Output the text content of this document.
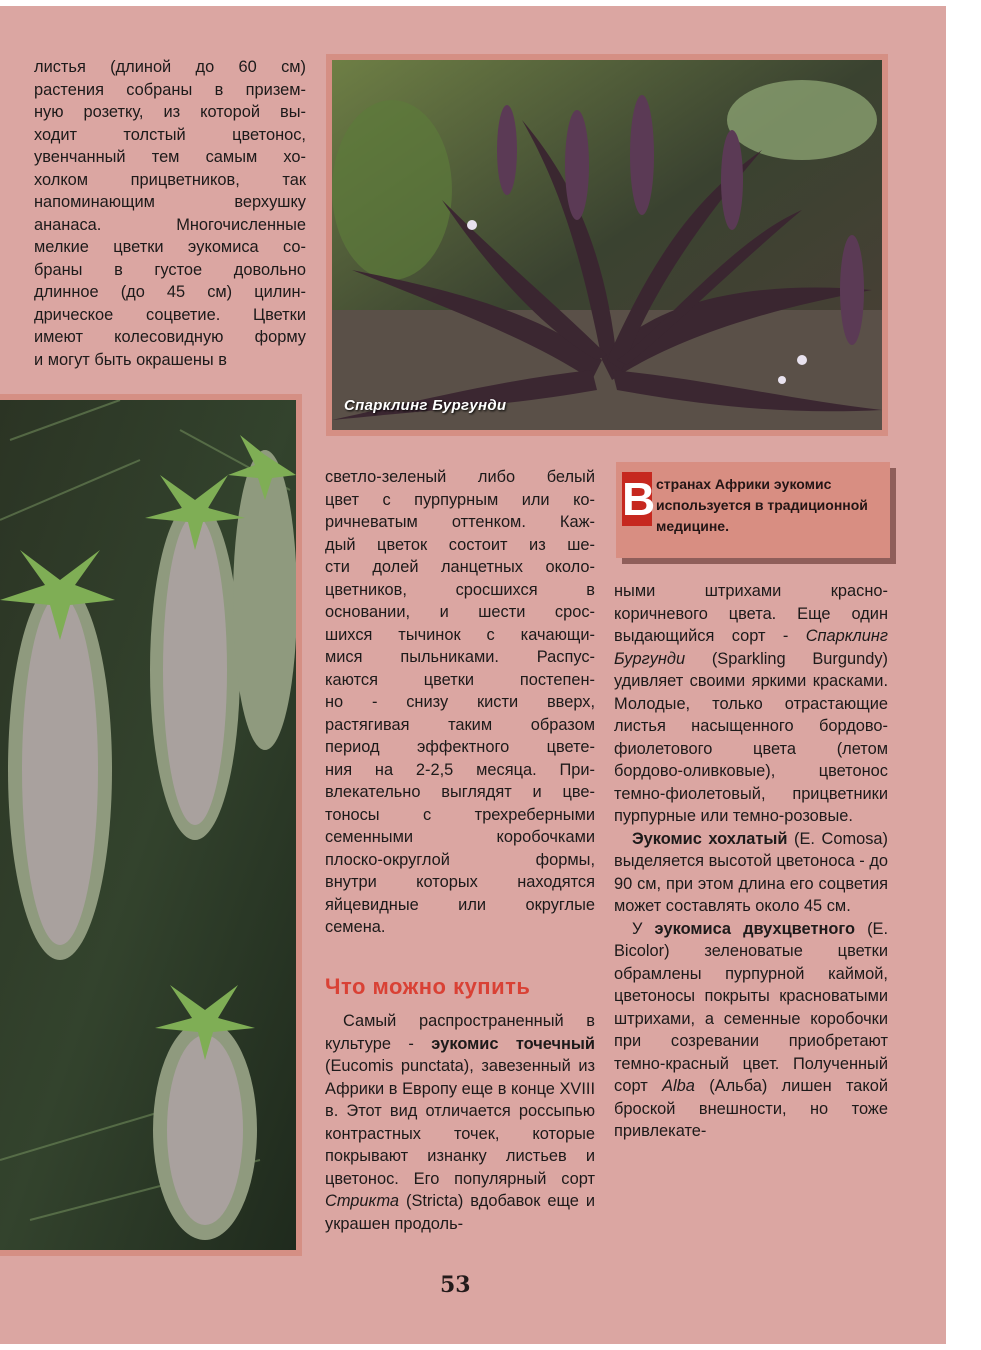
листья (длиной до 60 см)
растения собраны в призем-
ную розетку, из которой вы-
ходит толстый цветонос,
увенчанный тем самым хо-
холком прицветников, так
напоминающим верхушку
ананаса. Многочисленные
мелкие цветки эукомиса со-
браны в густое довольно
длинное (до 45 см) цилин-
дрическое соцветие. Цветки
имеют колесовидную форму
и могут быть окрашены в
Спарклинг Бургунди
светло-зеленый либо белый
цвет с пурпурным или ко-
ричневатым оттенком. Каж-
дый цветок состоит из ше-
сти долей ланцетных около-
цветников, сросшихся в
основании, и шести срос-
шихся тычинок с качающи-
мися пыльниками. Распус-
каются цветки постепен-
но - снизу кисти вверх,
растягивая таким образом
период эффектного цвете-
ния на 2-2,5 месяца. При-
влекательно выглядят и цве-
тоносы с трехреберными
семенными коробочками
плоско-округлой формы,
внутри которых находятся
яйцевидные или округлые
семена.
Что можно купить

Самый распространенный в культуре - эукомис точечный (Eucomis punctata), завезенный из Африки в Европу еще в конце XVIII в. Этот вид отличается россыпью контрастных точек, которые покрывают изнанку листьев и цветонос. Его популярный сорт Стрикта (Stricta) вдобавок еще и украшен продоль-

В странах Африки эукомис используется в традиционной медицине.

ными штрихами красно-коричневого цвета. Еще один выдающийся сорт - Спарклинг Бургунди (Sparkling Burgundy) удивляет своими яркими красками. Молодые, только отрастающие листья насыщенного бордово-фиолетового цвета (летом бордово-оливковые), цветонос темно-фиолетовый, прицветники пурпурные или темно-розовые.

Эукомис хохлатый (E. Comosa) выделяется высотой цветоноса - до 90 см, при этом длина его соцветия может составлять около 45 см.

У эукомиса двухцветного (E. Bicolor) зеленоватые цветки обрамлены пурпурной каймой, цветоносы покрыты красноватыми штрихами, а семенные коробочки при созревании приобретают темно-красный цвет. Полученный сорт Alba (Альба) лишен такой броской внешности, но тоже привлекате-

53
